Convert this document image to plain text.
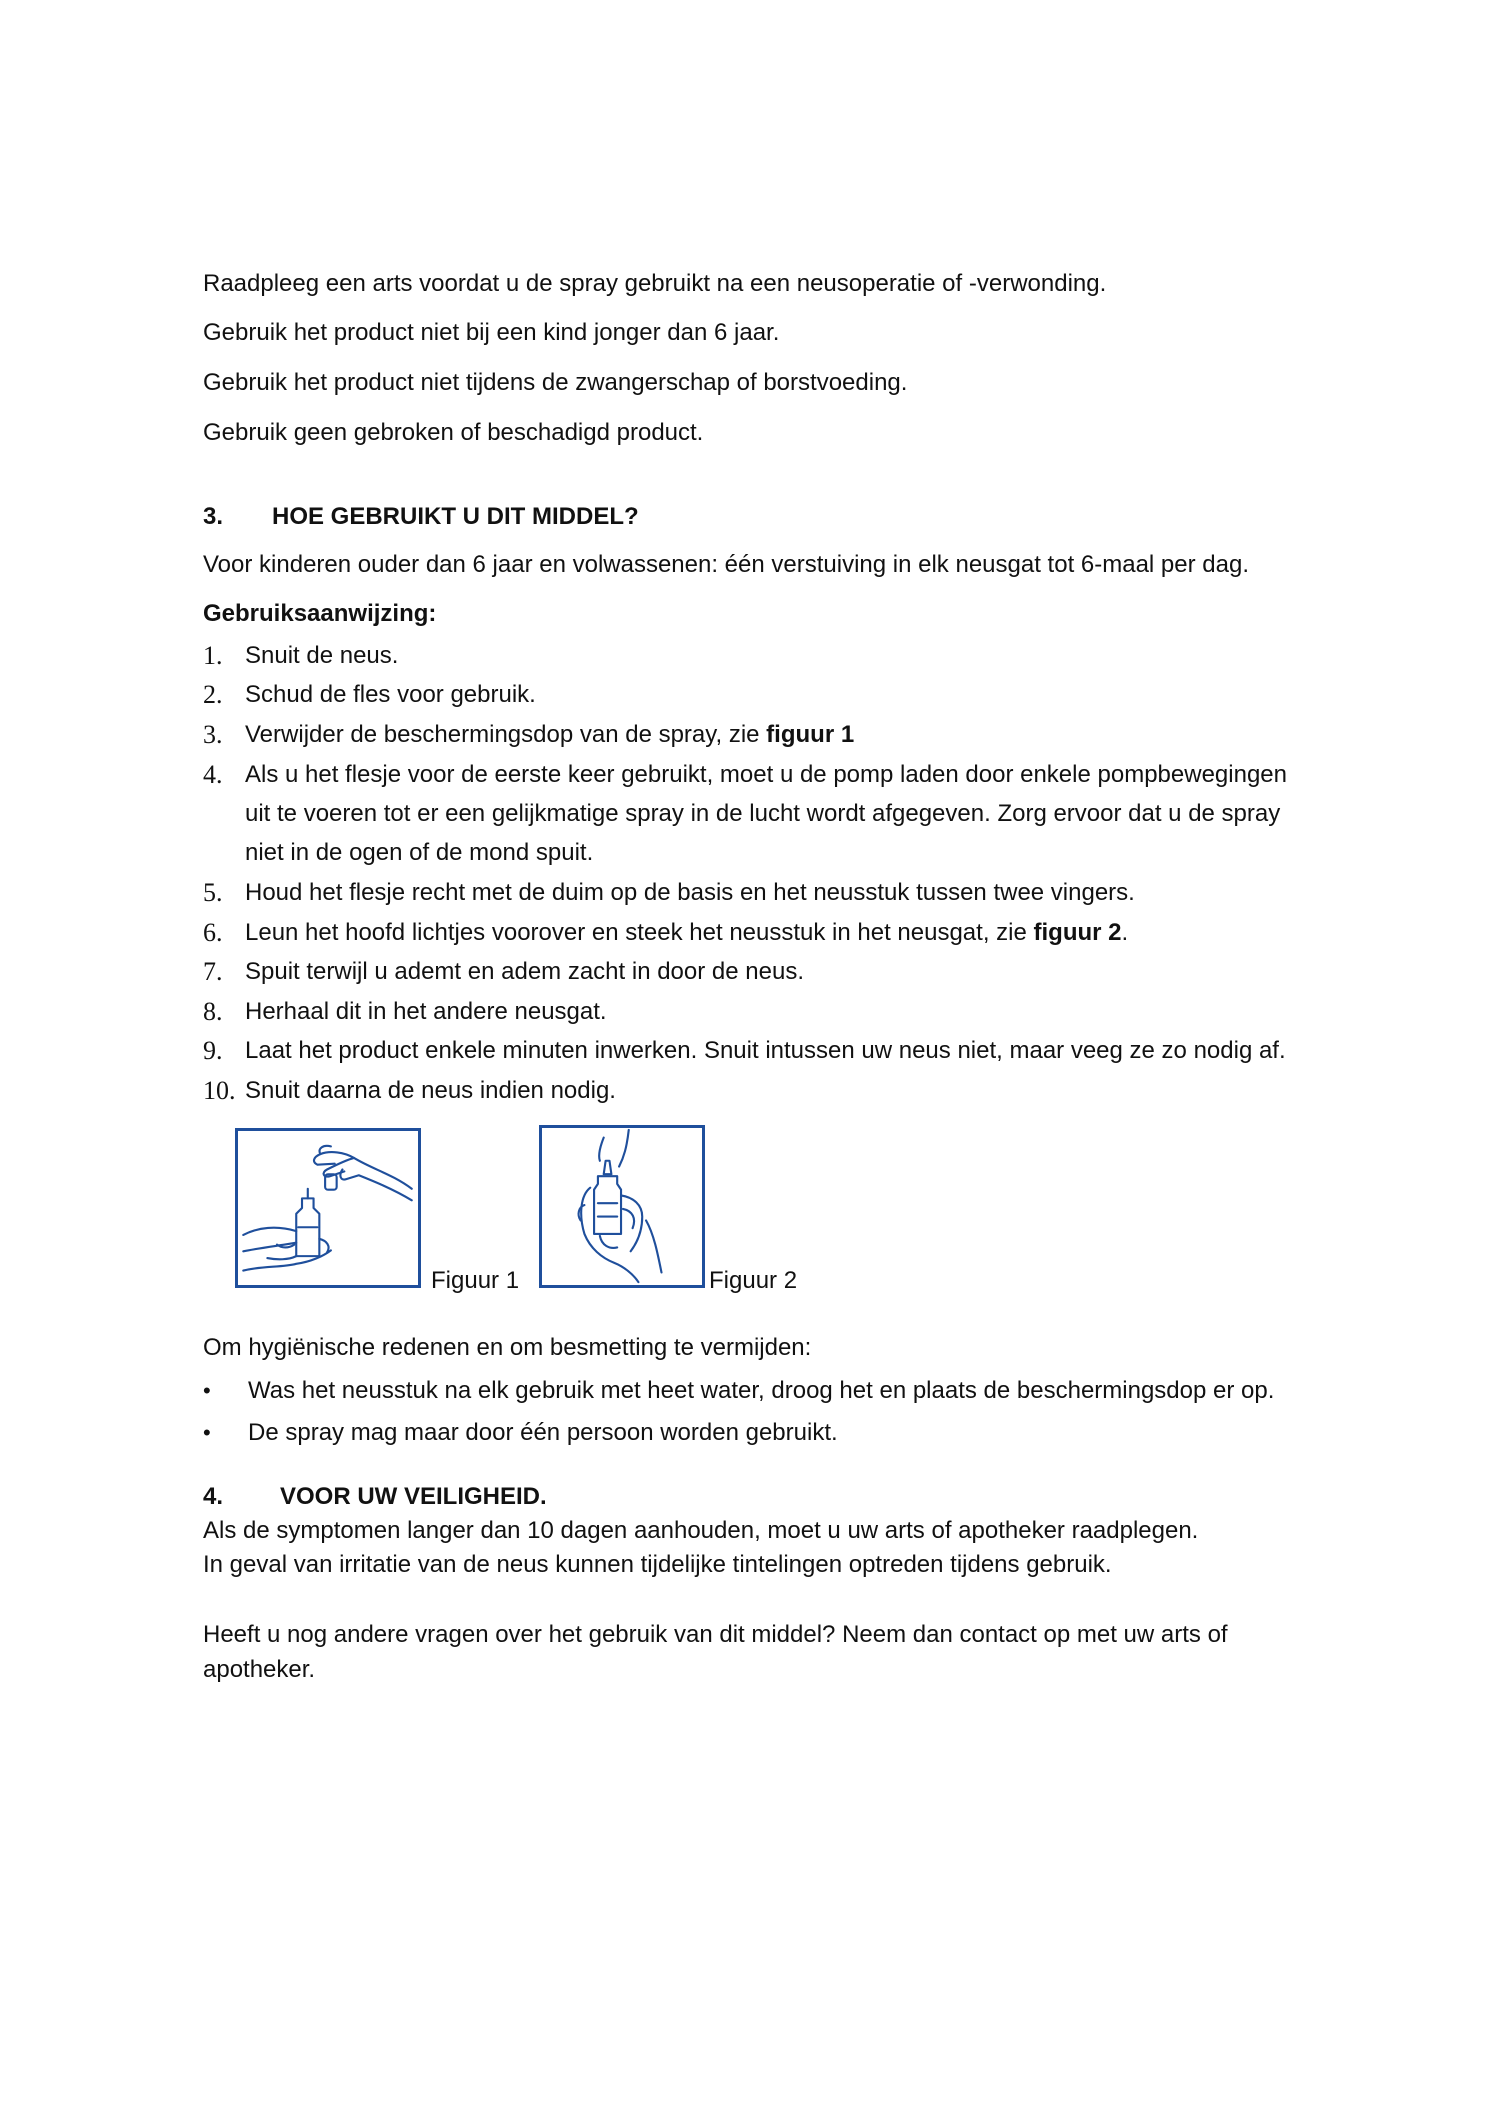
Raadpleeg een arts voordat u de spray gebruikt na een neusoperatie of -verwonding.
Gebruik het product niet bij een kind jonger dan 6 jaar.
Gebruik het product niet tijdens de zwangerschap of borstvoeding.
Gebruik geen gebroken of beschadigd product.
3. HOE GEBRUIKT U DIT MIDDEL?
Voor kinderen ouder dan 6 jaar en volwassenen: één verstuiving in elk neusgat tot 6-maal per dag.
Gebruiksaanwijzing:
1. Snuit de neus.
2. Schud de fles voor gebruik.
3. Verwijder de beschermingsdop van de spray, zie figuur 1
4. Als u het flesje voor de eerste keer gebruikt, moet u de pomp laden door enkele pompbewegingen
uit te voeren tot er een gelijkmatige spray in de lucht wordt afgegeven. Zorg ervoor dat u de spray
niet in de ogen of de mond spuit.
5. Houd het flesje recht met de duim op de basis en het neusstuk tussen twee vingers.
6. Leun het hoofd lichtjes voorover en steek het neusstuk in het neusgat, zie figuur 2.
7. Spuit terwijl u ademt en adem zacht in door de neus.
8. Herhaal dit in het andere neusgat.
9. Laat het product enkele minuten inwerken. Snuit intussen uw neus niet, maar veeg ze zo nodig af.
10. Snuit daarna de neus indien nodig.
Figuur 1	Figuur 2
Om hygiënische redenen en om besmetting te vermijden:
• Was het neusstuk na elk gebruik met heet water, droog het en plaats de beschermingsdop er op.
• De spray mag maar door één persoon worden gebruikt.
4. VOOR UW VEILIGHEID.
Als de symptomen langer dan 10 dagen aanhouden, moet u uw arts of apotheker raadplegen.
In geval van irritatie van de neus kunnen tijdelijke tintelingen optreden tijdens gebruik.
Heeft u nog andere vragen over het gebruik van dit middel? Neem dan contact op met uw arts of
apotheker.
